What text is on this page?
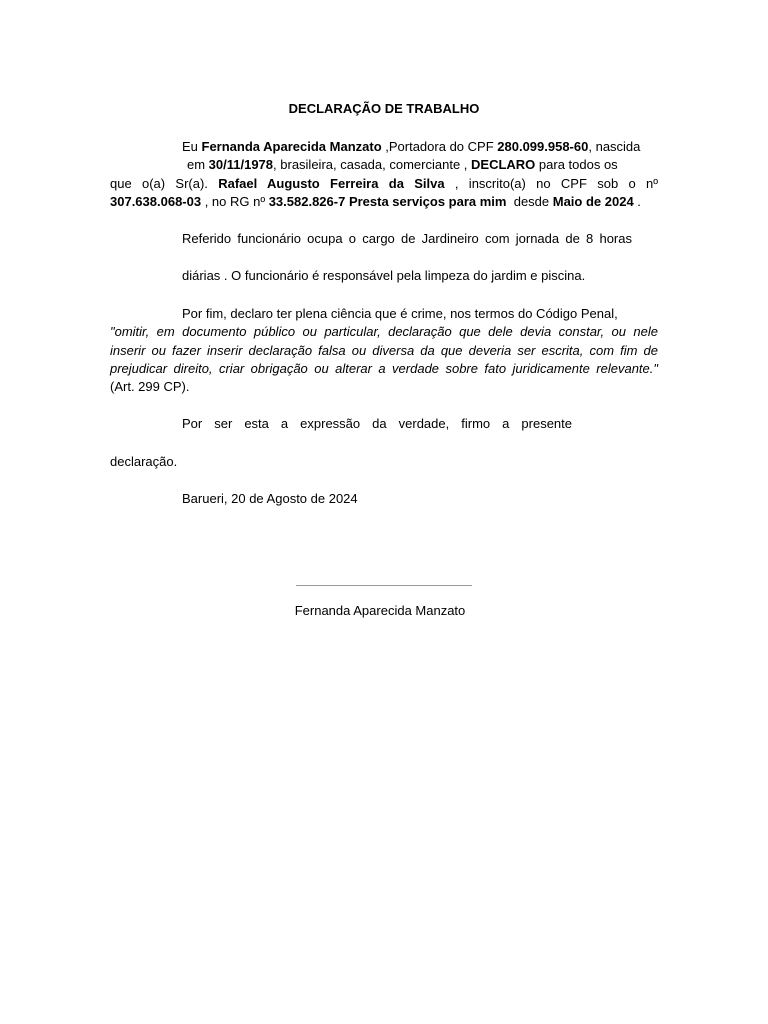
DECLARAÇÃO DE TRABALHO
Eu Fernanda Aparecida Manzato ,Portadora do CPF 280.099.958-60, nascida
em 30/11/1978, brasileira, casada, comerciante , DECLARO para todos os
que o(a) Sr(a). Rafael Augusto Ferreira da Silva , inscrito(a) no CPF sob o nº
307.638.068-03 , no RG nº 33.582.826-7 Presta serviços para mim  desde Maio de 2024 .
Referido funcionário ocupa o cargo de Jardineiro com jornada de 8 horas
diárias . O funcionário é responsável pela limpeza do jardim e piscina.
Por fim, declaro ter plena ciência que é crime, nos termos do Código Penal,
"omitir, em documento público ou particular, declaração que dele devia constar, ou nele
inserir ou fazer inserir declaração falsa ou diversa da que deveria ser escrita, com fim de
prejudicar direito, criar obrigação ou alterar a verdade sobre fato juridicamente relevante."
(Art. 299 CP).
Por ser esta a expressão da verdade, firmo a presente
declaração.
Barueri, 20 de Agosto de 2024
Fernanda Aparecida Manzato
